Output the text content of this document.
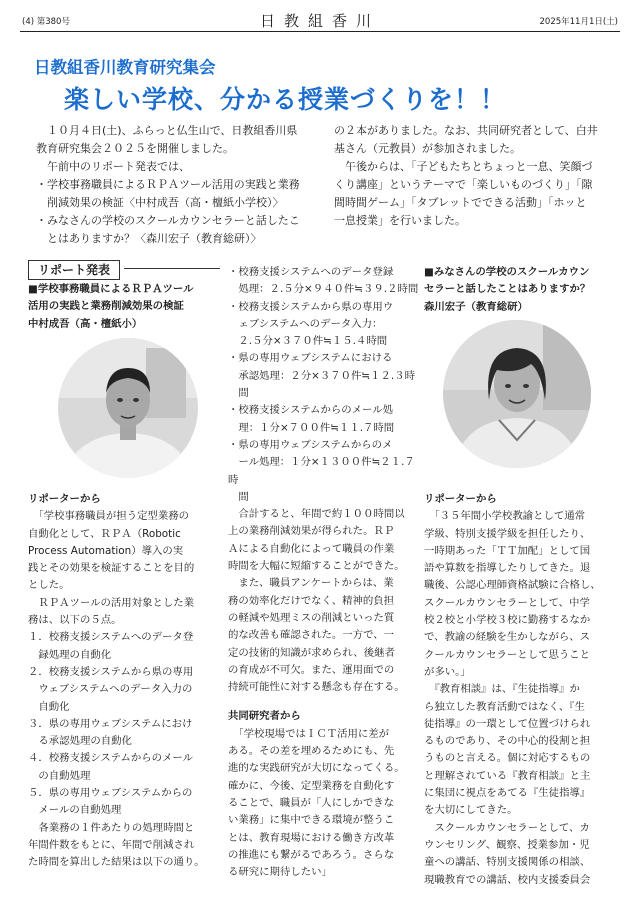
(4) 第380号	日教組香川	2025年11月1日(土)
日教組香川教育研究集会
楽しい学校、分かる授業づくりを！！
　１０月４日(土)、ふらっと仏生山で、日教組香川県
教育研究集会２０２５を開催しました。
　午前中のリポート発表では、
・学校事務職員によるＲＰＡツール活用の実践と業務
　削減効果の検証〈中村成吾（高・檀紙小学校）〉
・みなさんの学校のスクールカウンセラーと話したこ
　とはありますか？〈森川宏子（教育総研）〉
の２本がありました。なお、共同研究者として、白井
基さん（元教員）が参加されました。
　午後からは、「子どもたちとちょっと一息、笑顔づ
くり講座」というテーマで「楽しいものづくり」「隙
間時間ゲーム」「タブレットでできる活動」「ホッと
一息授業」を行いました。
リポート発表
■学校事務職員によるＲＰＡツール
活用の実践と業務削減効果の検証
中村成吾（高・檀紙小）
リポーターから
　「学校事務職員が担う定型業務の
自動化として、ＲＰＡ（Robotic
Process Automation）導入の実
践とその効果を検証することを目的
とした。
　ＲＰＡツールの活用対象とした業
務は、以下の５点。
１．校務支援システムへのデータ登
　録処理の自動化
２．校務支援システムから県の専用
　ウェブシステムへのデータ入力の
　自動化
３．県の専用ウェブシステムにおけ
　る承認処理の自動化
４．校務支援システムからのメール
　の自動処理
５．県の専用ウェブシステムからの
　メールの自動処理
　各業務の１件あたりの処理時間と
年間件数をもとに、年間で削減され
た時間を算出した結果は以下の通り。
・校務支援システムへのデータ登録
　処理：２.５分×９４０件≒３９.２時間
・校務支援システムから県の専用ウ
　ェブシステムへのデータ入力：
　２.５分×３７０件≒１５.４時間
・県の専用ウェブシステムにおける
　承認処理：２分×３７０件≒１２.３時
　間
・校務支援システムからのメール処
　理：１分×７００件≒１１.７時間
・県の専用ウェブシステムからのメ
　ール処理：１分×１３００件≒２１.７時
　間
　合計すると、年間で約１００時間以
上の業務削減効果が得られた。ＲＰ
Ａによる自動化によって職員の作業
時間を大幅に短縮することができた。
　また、職員アンケートからは、業
務の効率化だけでなく、精神的負担
の軽減や処理ミスの削減といった質
的な改善も確認された。一方で、一
定の技術的知識が求められ、後継者
の育成が不可欠。また、運用面での
持続可能性に対する懸念も存在する。
共同研究者から
　「学校現場ではＩＣＴ活用に差が
ある。その差を埋めるためにも、先
進的な実践研究が大切になってくる。
確かに、今後、定型業務を自動化す
ることで、職員が「人にしかできな
い業務」に集中できる環境が整うこ
とは、教育現場における働き方改革
の推進にも繋がるであろう。さらな
る研究に期待したい」
■みなさんの学校のスクールカウン
セラーと話したことはありますか？
森川宏子（教育総研）
リポーターから
　「３５年間小学校教諭として通常
学級、特別支援学級を担任したり、
一時期あった「ＴＴ加配」として国
語や算数を指導したりしてきた。退
職後、公認心理師資格試験に合格し、
スクールカウンセラーとして、中学
校２校と小学校３校に勤務するなか
で、教諭の経験を生かしながら、ス
クールカウンセラーとして思うこと
が多い。」
　『教育相談』は、『生徒指導』か
ら独立した教育活動ではなく、『生
徒指導』の一環として位置づけられ
るものであり、その中心的役割と担
うものと言える。個に対応するもの
と理解されている『教育相談』と主
に集団に視点をあてる『生徒指導』
を大切にしてきた。
　スクールカウンセラーとして、カ
ウンセリング、観察、授業参加・児
童への講話、特別支援関係の相談、
現職教育での講話、校内支援委員会
